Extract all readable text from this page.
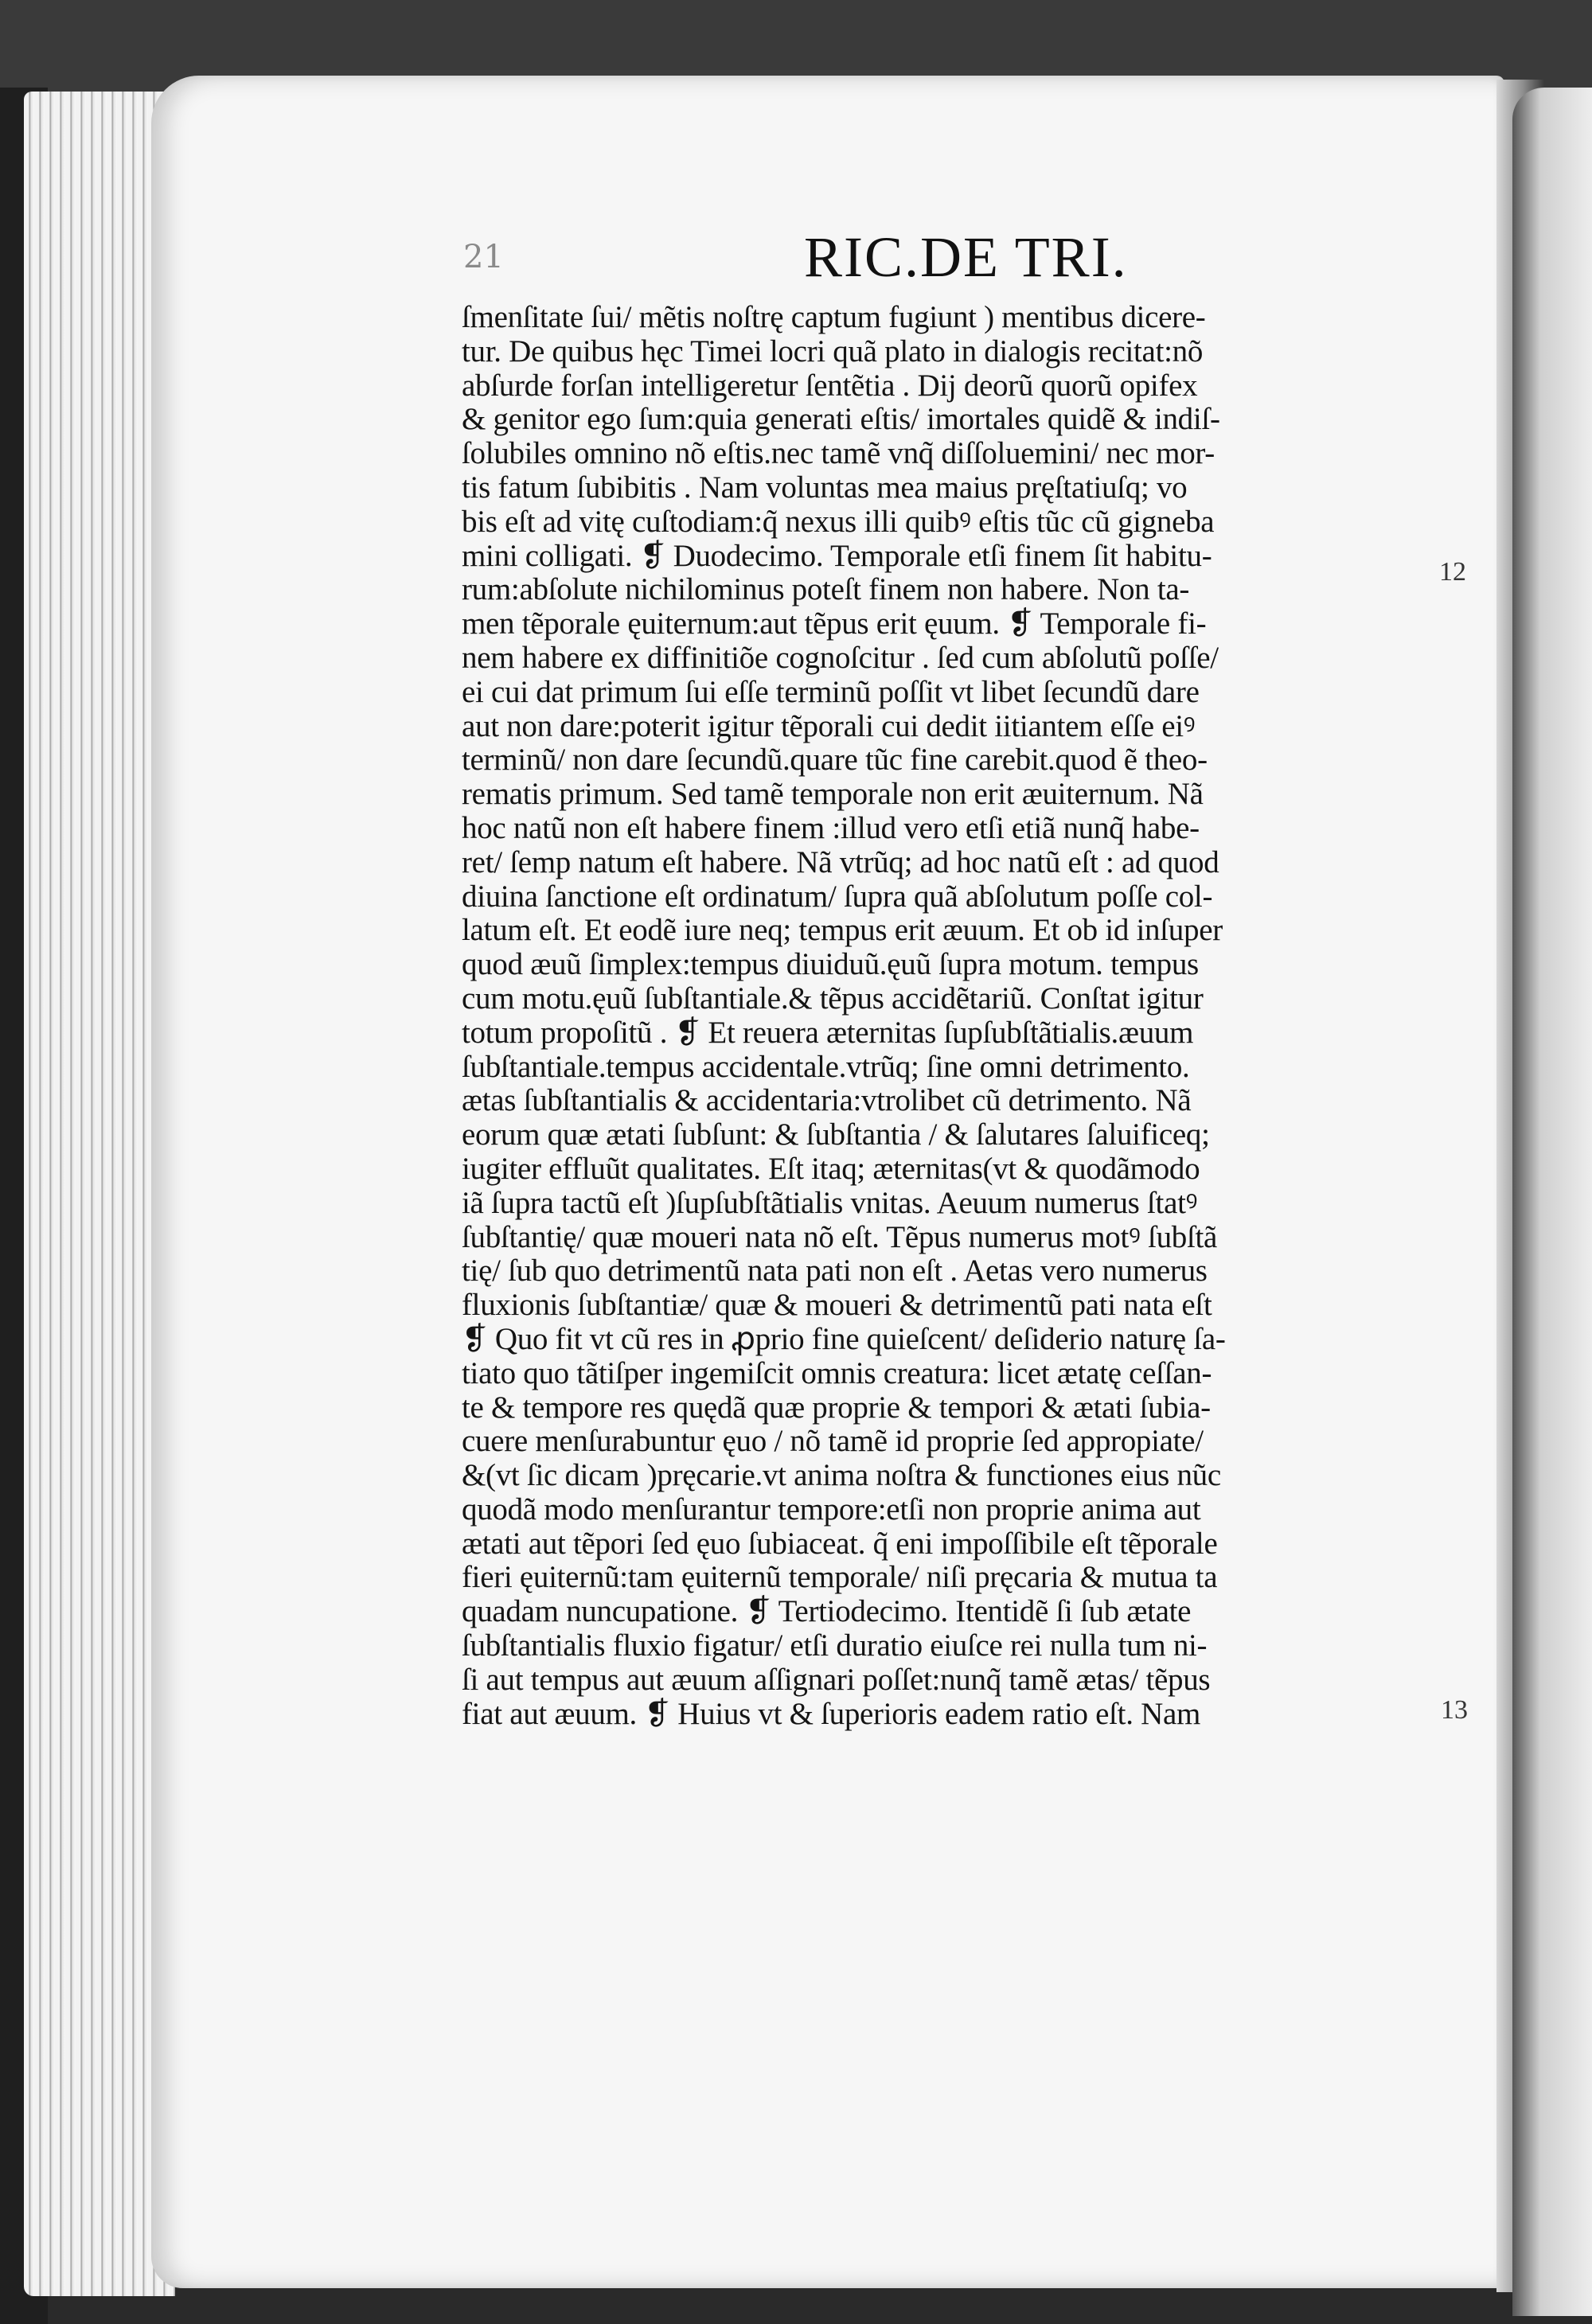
21	RIC.DE TRI.
ſmenſitate ſui/ mẽtis noſtrę captum fugiunt ) mentibus dicere-
tur. De quibus hęc Timei locri quã plato in dialogis recitat:nõ
abſurde forſan intelligeretur ſentẽtia . Dij deorũ quorũ opifex
& genitor ego ſum:quia generati eſtis/ imortales quidẽ & indiſ-
ſolubiles omnino nõ eſtis.nec tamẽ vnq̃ diſſoluemini/ nec mor-
tis fatum ſubibitis . Nam voluntas mea maius pręſtatiuſq; vo
bis eſt ad vitę cuſtodiam:q̃ nexus illi quibꝰ eſtis tũc cũ gigneba
mini colligati. ❡ Duodecimo. Temporale etſi finem ſit habitu-
rum:abſolute nichilominus poteſt finem non habere. Non ta-
men tẽporale ęuiternum:aut tẽpus erit ęuum. ❡ Temporale fi-
nem habere ex diffinitiõe cognoſcitur . ſed cum abſolutũ poſſe/
ei cui dat primum ſui eſſe terminũ poſſit vt libet ſecundũ dare
aut non dare:poterit igitur tẽporali cui dedit iitiantem eſſe eiꝰ
terminũ/ non dare ſecundũ.quare tũc fine carebit.quod ẽ theo-
rematis primum. Sed tamẽ temporale non erit æuiternum. Nã
hoc natũ non eſt habere finem :illud vero etſi etiã nunq̃ habe-
ret/ ſemp natum eſt habere. Nã vtrũq; ad hoc natũ eſt : ad quod
diuina ſanctione eſt ordinatum/ ſupra quã abſolutum poſſe col-
latum eſt. Et eodẽ iure neq; tempus erit æuum. Et ob id inſuper
quod æuũ ſimplex:tempus diuiduũ.ęuũ ſupra motum. tempus
cum motu.ęuũ ſubſtantiale.& tẽpus accidẽtariũ. Conſtat igitur
totum propoſitũ . ❡ Et reuera æternitas ſupſubſtãtialis.æuum
ſubſtantiale.tempus accidentale.vtrũq; ſine omni detrimento.
ætas ſubſtantialis & accidentaria:vtrolibet cũ detrimento. Nã
eorum quæ ætati ſubſunt: & ſubſtantia / & ſalutares ſaluificeq;
iugiter effluũt qualitates. Eſt itaq; æternitas(vt & quodãmodo
iã ſupra tactũ eſt )ſupſubſtãtialis vnitas. Aeuum numerus ſtatꝰ
ſubſtantię/ quæ moueri nata nõ eſt. Tẽpus numerus motꝰ ſubſtã
tię/ ſub quo detrimentũ nata pati non eſt . Aetas vero numerus
fluxionis ſubſtantiæ/ quæ & moueri & detrimentũ pati nata eſt
❡ Quo fit vt cũ res in ꝓprio fine quieſcent/ deſiderio naturę ſa-
tiato quo tãtiſper ingemiſcit omnis creatura: licet ætatę ceſſan-
te & tempore res quędã quæ proprie & tempori & ætati ſubia-
cuere menſurabuntur ęuo / nõ tamẽ id proprie ſed appropiate/
&(vt ſic dicam )pręcarie.vt anima noſtra & functiones eius nũc
quodã modo menſurantur tempore:etſi non proprie anima aut
ætati aut tẽpori ſed ęuo ſubiaceat. q̃ eni impoſſibile eſt tẽporale
fieri ęuiternũ:tam ęuiternũ temporale/ niſi pręcaria & mutua ta
quadam nuncupatione. ❡ Tertiodecimo. Itentidẽ ſi ſub ætate
ſubſtantialis fluxio figatur/ etſi duratio eiuſce rei nulla tum ni-
ſi aut tempus aut æuum aſſignari poſſet:nunq̃ tamẽ ætas/ tẽpus
fiat aut æuum. ❡ Huius vt & ſuperioris eadem ratio eſt. Nam
12
13
